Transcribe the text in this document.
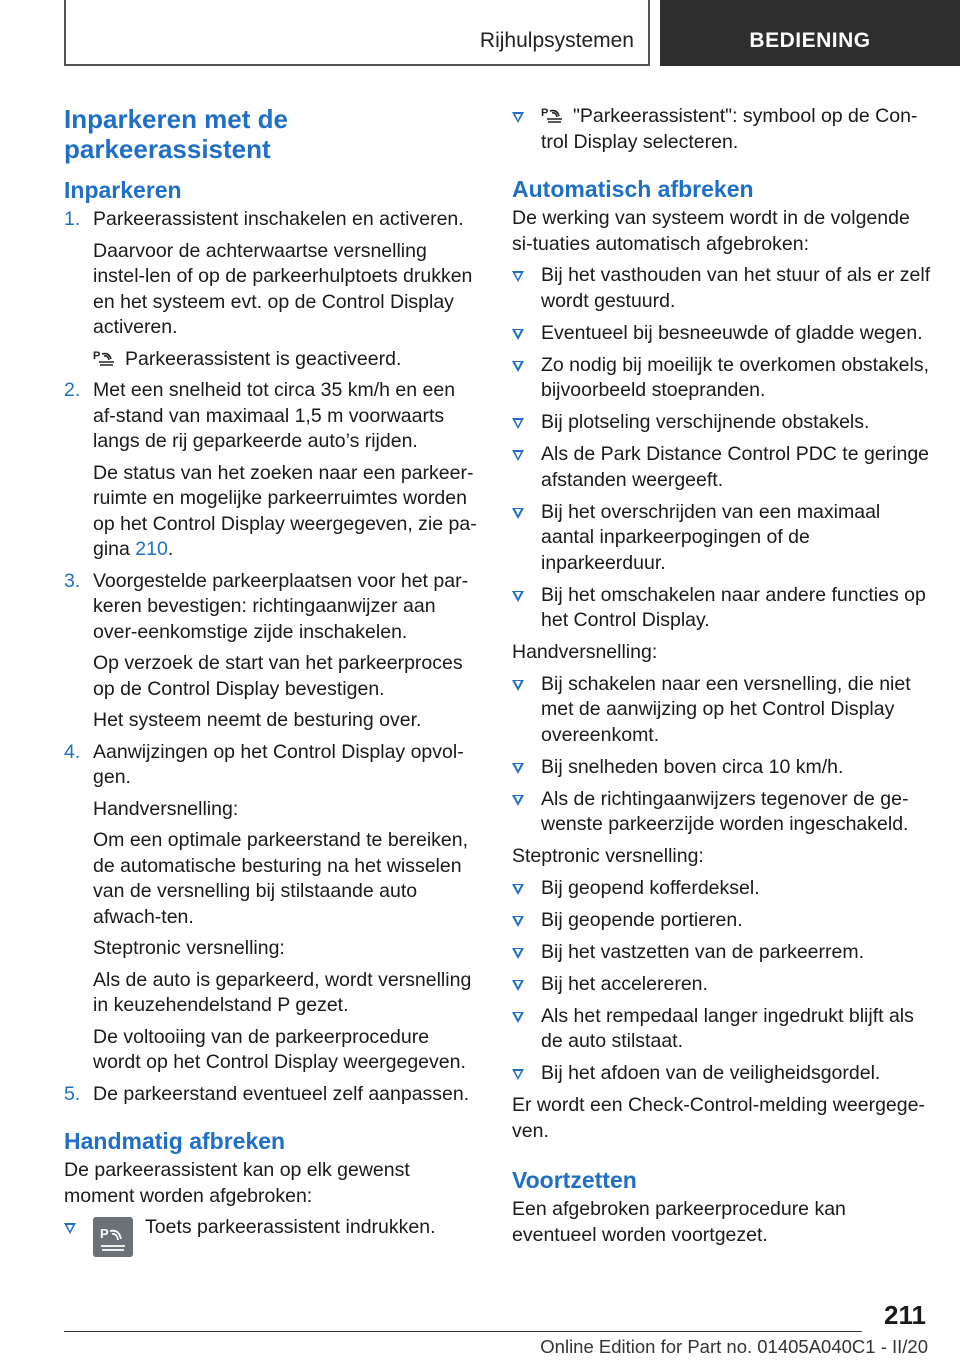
Rijhulpsystemen	BEDIENING
Inparkeren met de
parkeerassistent
Inparkeren
1. Parkeerassistent inschakelen en activeren.
Daarvoor de achterwaartse versnelling instel-len of op de parkeerhulptoets drukken en het systeem evt. op de Control Display activeren.
P Parkeerassistent is geactiveerd.
2. Met een snelheid tot circa 35 km/h en een af-stand van maximaal 1,5 m voorwaarts langs de rij geparkeerde auto’s rijden.
De status van het zoeken naar een parkeer-ruimte en mogelijke parkeerruimtes worden op het Control Display weergegeven, zie pa-gina 210.
3. Voorgestelde parkeerplaatsen voor het par-keren bevestigen: richtingaanwijzer aan over-eenkomstige zijde inschakelen.
Op verzoek de start van het parkeerproces op de Control Display bevestigen.
Het systeem neemt de besturing over.
4. Aanwijzingen op het Control Display opvol-gen.
Handversnelling:
Om een optimale parkeerstand te bereiken, de automatische besturing na het wisselen van de versnelling bij stilstaande auto afwach-ten.
Steptronic versnelling:
Als de auto is geparkeerd, wordt versnelling in keuzehendelstand P gezet.
De voltooiing van de parkeerprocedure wordt op het Control Display weergegeven.
5. De parkeerstand eventueel zelf aanpassen.
Handmatig afbreken
De parkeerassistent kan op elk gewenst moment worden afgebroken:
P	Toets parkeerassistent indrukken.
P "Parkeerassistent": symbool op de Con-trol Display selecteren.
Automatisch afbreken
De werking van systeem wordt in de volgende si-tuaties automatisch afgebroken:
Bij het vasthouden van het stuur of als er zelf wordt gestuurd.
Eventueel bij besneeuwde of gladde wegen.
Zo nodig bij moeilijk te overkomen obstakels, bijvoorbeeld stoepranden.
Bij plotseling verschijnende obstakels.
Als de Park Distance Control PDC te geringe afstanden weergeeft.
Bij het overschrijden van een maximaal aantal inparkeerpogingen of de inparkeerduur.
Bij het omschakelen naar andere functies op het Control Display.
Handversnelling:
Bij schakelen naar een versnelling, die niet met de aanwijzing op het Control Display overeenkomt.
Bij snelheden boven circa 10 km/h.
Als de richtingaanwijzers tegenover de ge-wenste parkeerzijde worden ingeschakeld.
Steptronic versnelling:
Bij geopend kofferdeksel.
Bij geopende portieren.
Bij het vastzetten van de parkeerrem.
Bij het accelereren.
Als het rempedaal langer ingedrukt blijft als de auto stilstaat.
Bij het afdoen van de veiligheidsgordel.
Er wordt een Check-Control-melding weergege-ven.
Voortzetten
Een afgebroken parkeerprocedure kan eventueel worden voortgezet.
211
Online Edition for Part no. 01405A040C1 - II/20
